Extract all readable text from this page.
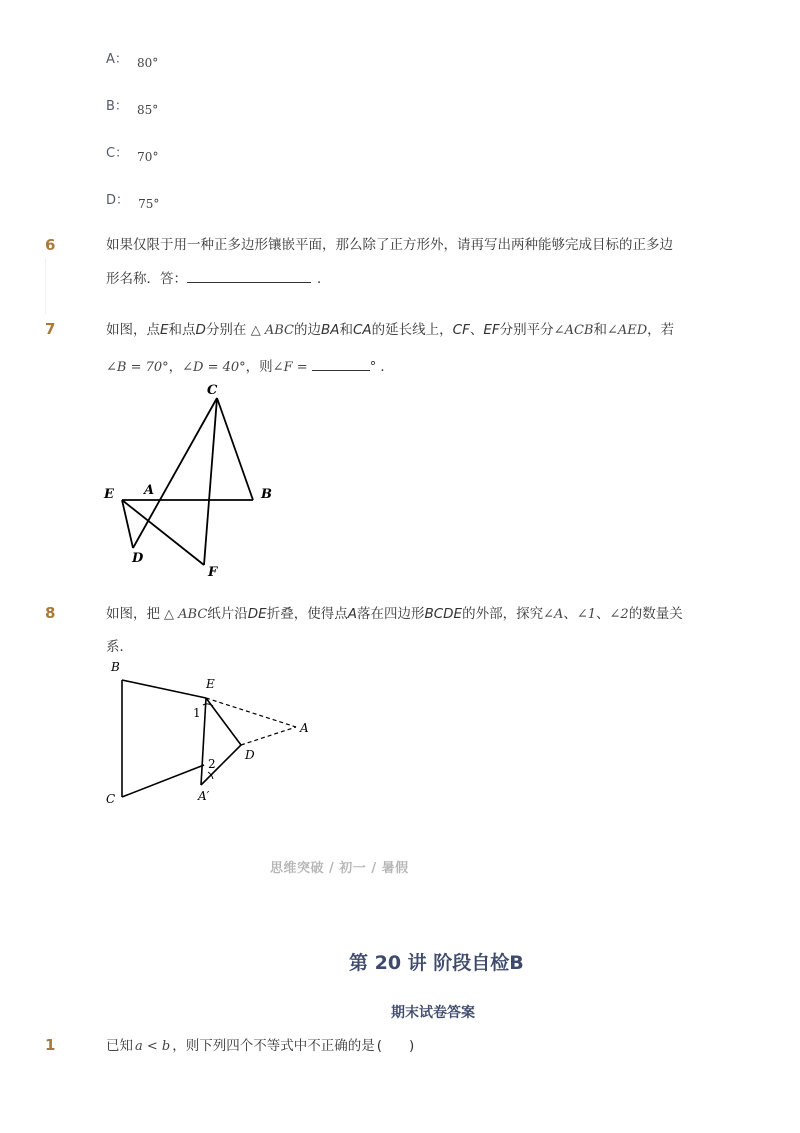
A： $_{80^\circ}$
B： $_{85^\circ}$
C： $_{70^\circ}$
D： $_{75^\circ}$
6	如果仅限于用一种正多边形镶嵌平面，那么除了正方形外，请再写出两种能够完成目标的正多边
形名称．答：	．
7	如图，点E和点D分别在 △ ABC的边BA和CA的延长线上，CF、EF分别平分∠ACB和∠AED，若
∠B = 70°，∠D = 40°，则∠F =	° ．
C
E A	B
D
F
8	如图，把 △ ABC纸片沿DE折叠，使得点A落在四边形BCDE的外部，探究∠A、∠1、∠2的数量关
系．
B
E
1
A
D
2
C	A′
思维突破 / 初一 / 暑假
第 20 讲 阶段自检B
期末试卷答案
1	已知 a < b ，则下列四个不等式中不正确的是 (　　)
